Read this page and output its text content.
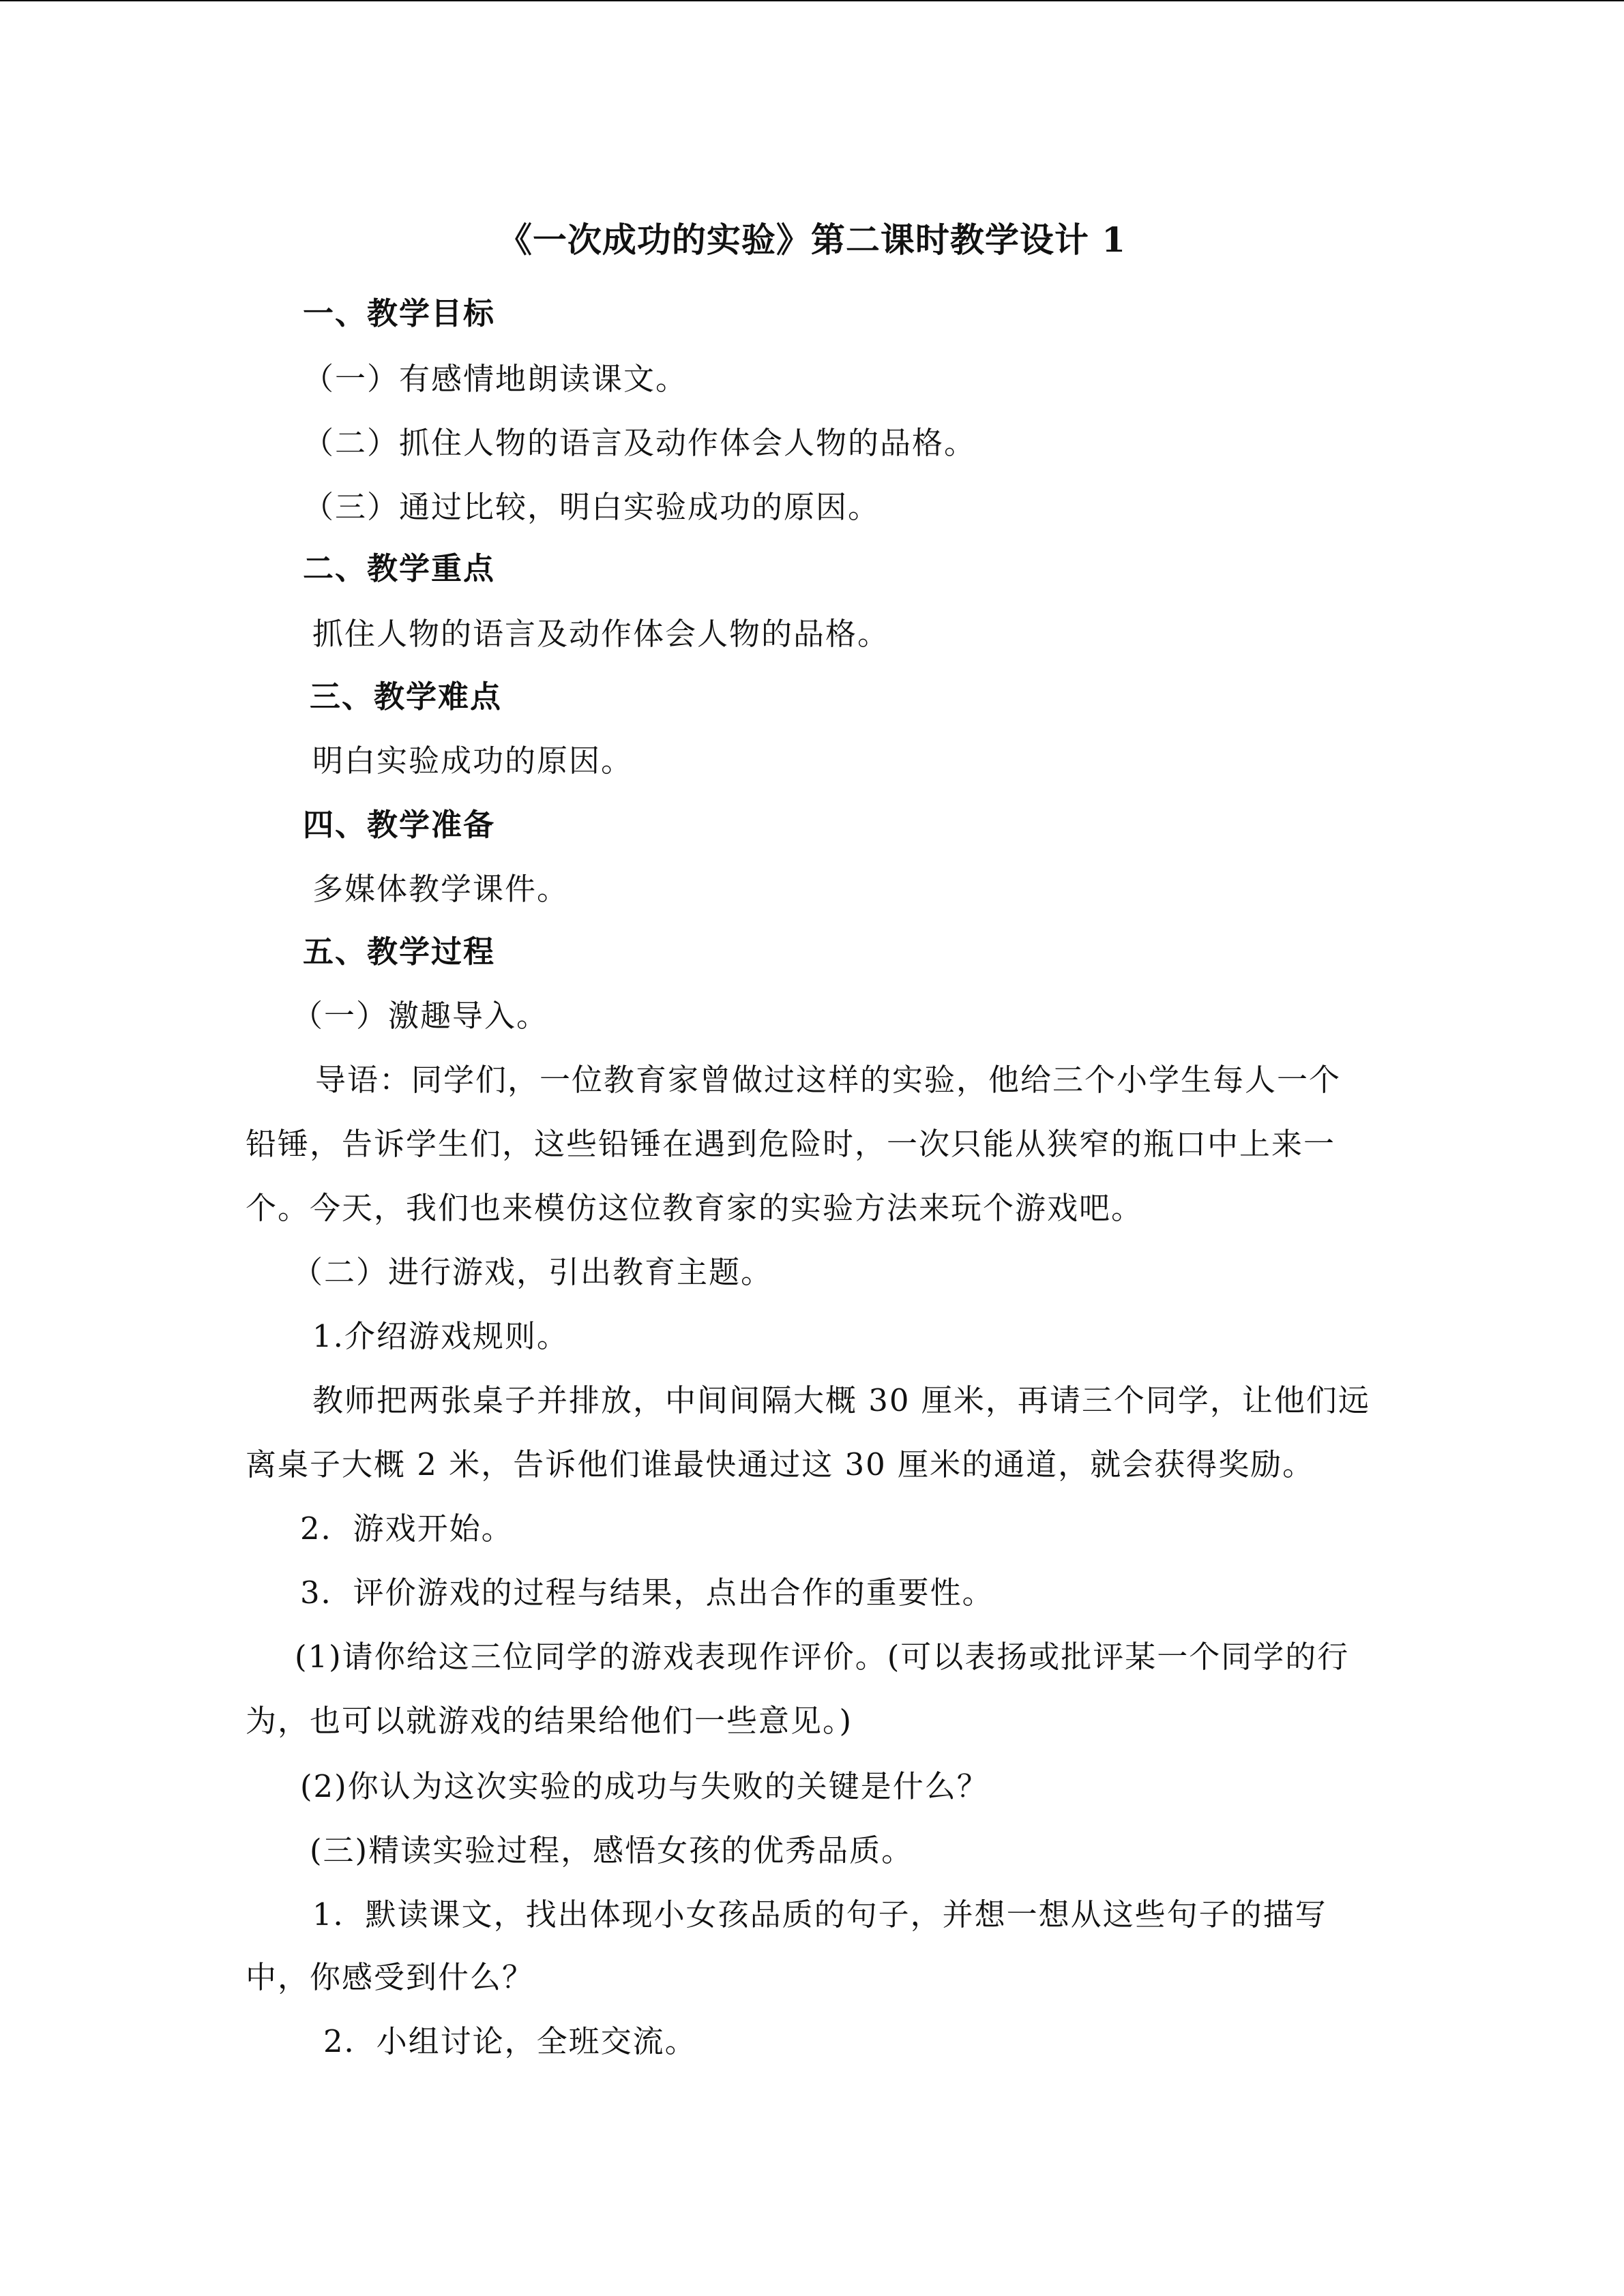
《一次成功的实验》第二课时教学设计 1
一、教学目标
（一）有感情地朗读课文。
（二）抓住人物的语言及动作体会人物的品格。
（三）通过比较，明白实验成功的原因。
二、教学重点
抓住人物的语言及动作体会人物的品格。
三、教学难点
明白实验成功的原因。
四、教学准备
多媒体教学课件。
五、教学过程
（一）激趣导入。
导语：同学们，一位教育家曾做过这样的实验，他给三个小学生每人一个
铅锤，告诉学生们，这些铅锤在遇到危险时，一次只能从狭窄的瓶口中上来一
个。今天，我们也来模仿这位教育家的实验方法来玩个游戏吧。
（二）进行游戏，引出教育主题。
1.介绍游戏规则。
教师把两张桌子并排放，中间间隔大概 30 厘米，再请三个同学，让他们远
离桌子大概 2 米，告诉他们谁最快通过这 30 厘米的通道，就会获得奖励。
2．游戏开始。
3．评价游戏的过程与结果，点出合作的重要性。
(1)请你给这三位同学的游戏表现作评价。(可以表扬或批评某一个同学的行
为，也可以就游戏的结果给他们一些意见。)
(2)你认为这次实验的成功与失败的关键是什么？
(三)精读实验过程，感悟女孩的优秀品质。
1．默读课文，找出体现小女孩品质的句子，并想一想从这些句子的描写
中，你感受到什么？
2．小组讨论，全班交流。
